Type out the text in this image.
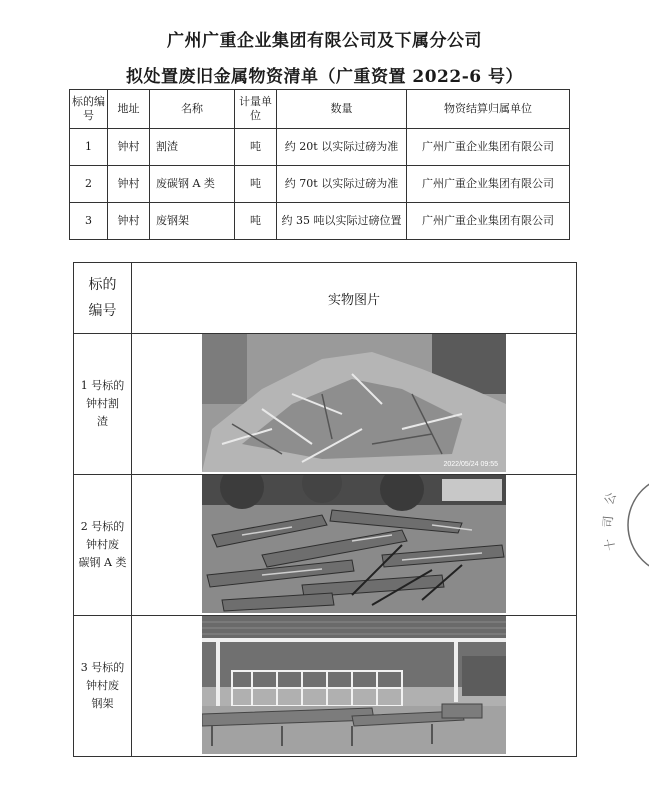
广州广重企业集团有限公司及下属分公司
拟处置废旧金属物资清单（广重资置 2022-6 号）
标的编号	地址	名称	计量单位	数量	物资结算归属单位
1	钟村	割渣	吨	约 20t 以实际过磅为准	广州广重企业集团有限公司
2	钟村	废碳钢 A 类	吨	约 70t 以实际过磅为准	广州广重企业集团有限公司
3	钟村	废钢架	吨	约 35 吨以实际过磅位置	广州广重企业集团有限公司
标的
编号	实物图片

1 号标的
钟村割
渣	2022/05/24 09:55

2 号标的
钟村废
碳钢 A 类

3 号标的
钟村废
钢架

公
司
十
